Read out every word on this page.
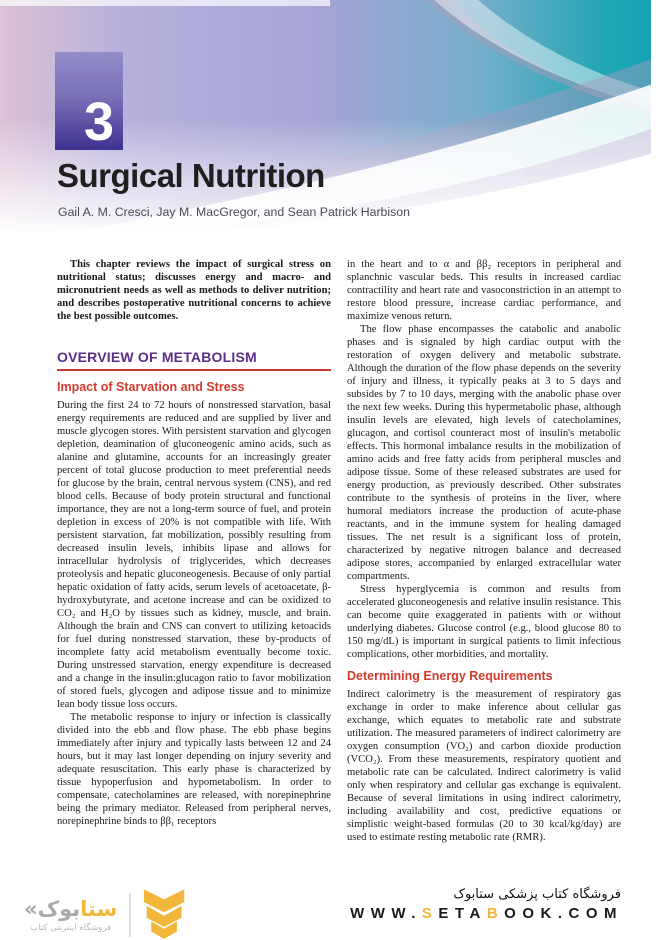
3
Surgical Nutrition
Gail A. M. Cresci, Jay M. MacGregor, and Sean Patrick Harbison

This chapter reviews the impact of surgical stress on nutritional status; discusses energy and macro- and micronutrient needs as well as methods to deliver nutrition; and describes postoperative nutritional concerns to achieve the best possible outcomes.

OVERVIEW OF METABOLISM
Impact of Starvation and Stress

During the first 24 to 72 hours of nonstressed starvation, basal energy requirements are reduced and are supplied by liver and muscle glycogen stores. With persistent starvation and glycogen depletion, deamination of gluconeogenic amino acids, such as alanine and glutamine, accounts for an increasingly greater percent of total glucose production to meet preferential needs for glucose by the brain, central nervous system (CNS), and red blood cells. Because of body protein structural and functional importance, they are not a long-term source of fuel, and protein depletion in excess of 20% is not compatible with life. With persistent starvation, fat mobilization, possibly resulting from decreased insulin levels, inhibits lipase and allows for intracellular hydrolysis of triglycerides, which decreases proteolysis and hepatic gluconeogenesis. Because of only partial hepatic oxidation of fatty acids, serum levels of acetoacetate, β-hydroxybutyrate, and acetone increase and can be oxidized to CO₂ and H₂O by tissues such as kidney, muscle, and brain. Although the brain and CNS can convert to utilizing ketoacids for fuel during nonstressed starvation, these by-products of incomplete fatty acid metabolism eventually become toxic. During unstressed starvation, energy expenditure is decreased and a change in the insulin:glucagon ratio to favor mobilization of stored fuels, glycogen and adipose tissue and to minimize lean body tissue loss occurs.

The metabolic response to injury or infection is classically divided into the ebb and flow phase. The ebb phase begins immediately after injury and typically lasts between 12 and 24 hours, but it may last longer depending on injury severity and adequate resuscitation. This early phase is characterized by tissue hypoperfusion and hypometabolism. In order to compensate, catecholamines are released, with norepinephrine being the primary mediator. Released from peripheral nerves, norepinephrine binds to ββ₁ receptors

in the heart and to α and ββ₂ receptors in peripheral and splanchnic vascular beds. This results in increased cardiac contractility and heart rate and vasoconstriction in an attempt to restore blood pressure, increase cardiac performance, and maximize venous return.

The flow phase encompasses the catabolic and anabolic phases and is signaled by high cardiac output with the restoration of oxygen delivery and metabolic substrate. Although the duration of the flow phase depends on the severity of injury and illness, it typically peaks at 3 to 5 days and subsides by 7 to 10 days, merging with the anabolic phase over the next few weeks. During this hypermetabolic phase, although insulin levels are elevated, high levels of catecholamines, glucagon, and cortisol counteract most of insulin's metabolic effects. This hormonal imbalance results in the mobilization of amino acids and free fatty acids from peripheral muscles and adipose tissue. Some of these released substrates are used for energy production, as previously described. Other substrates contribute to the synthesis of proteins in the liver, where humoral mediators increase the production of acute-phase reactants, and in the immune system for healing damaged tissues. The net result is a significant loss of protein, characterized by negative nitrogen balance and decreased adipose stores, accompanied by enlarged extracellular water compartments.

Stress hyperglycemia is common and results from accelerated gluconeogenesis and relative insulin resistance. This can become quite exaggerated in patients with or without underlying diabetes. Glucose control (e.g., blood glucose 80 to 150 mg/dL) is important in surgical patients to limit infectious complications, other morbidities, and mortality.

Determining Energy Requirements

Indirect calorimetry is the measurement of respiratory gas exchange in order to make inference about cellular gas exchange, which equates to metabolic rate and substrate utilization. The measured parameters of indirect calorimetry are oxygen consumption (VO₂) and carbon dioxide production (VCO₂). From these measurements, respiratory quotient and metabolic rate can be calculated. Indirect calorimetry is valid only when respiratory and cellular gas exchange is equivalent. Because of several limitations in using indirect calorimetry, including availability and cost, predictive equations or simplistic weight-based formulas (20 to 30 kcal/kg/day) are used to estimate resting metabolic rate (RMR).

فروشگاه کتاب پزشکی ستابوک
WWW.SETABOOK.COM
ستابوک«
فروشگاه اینترنتی کتاب
